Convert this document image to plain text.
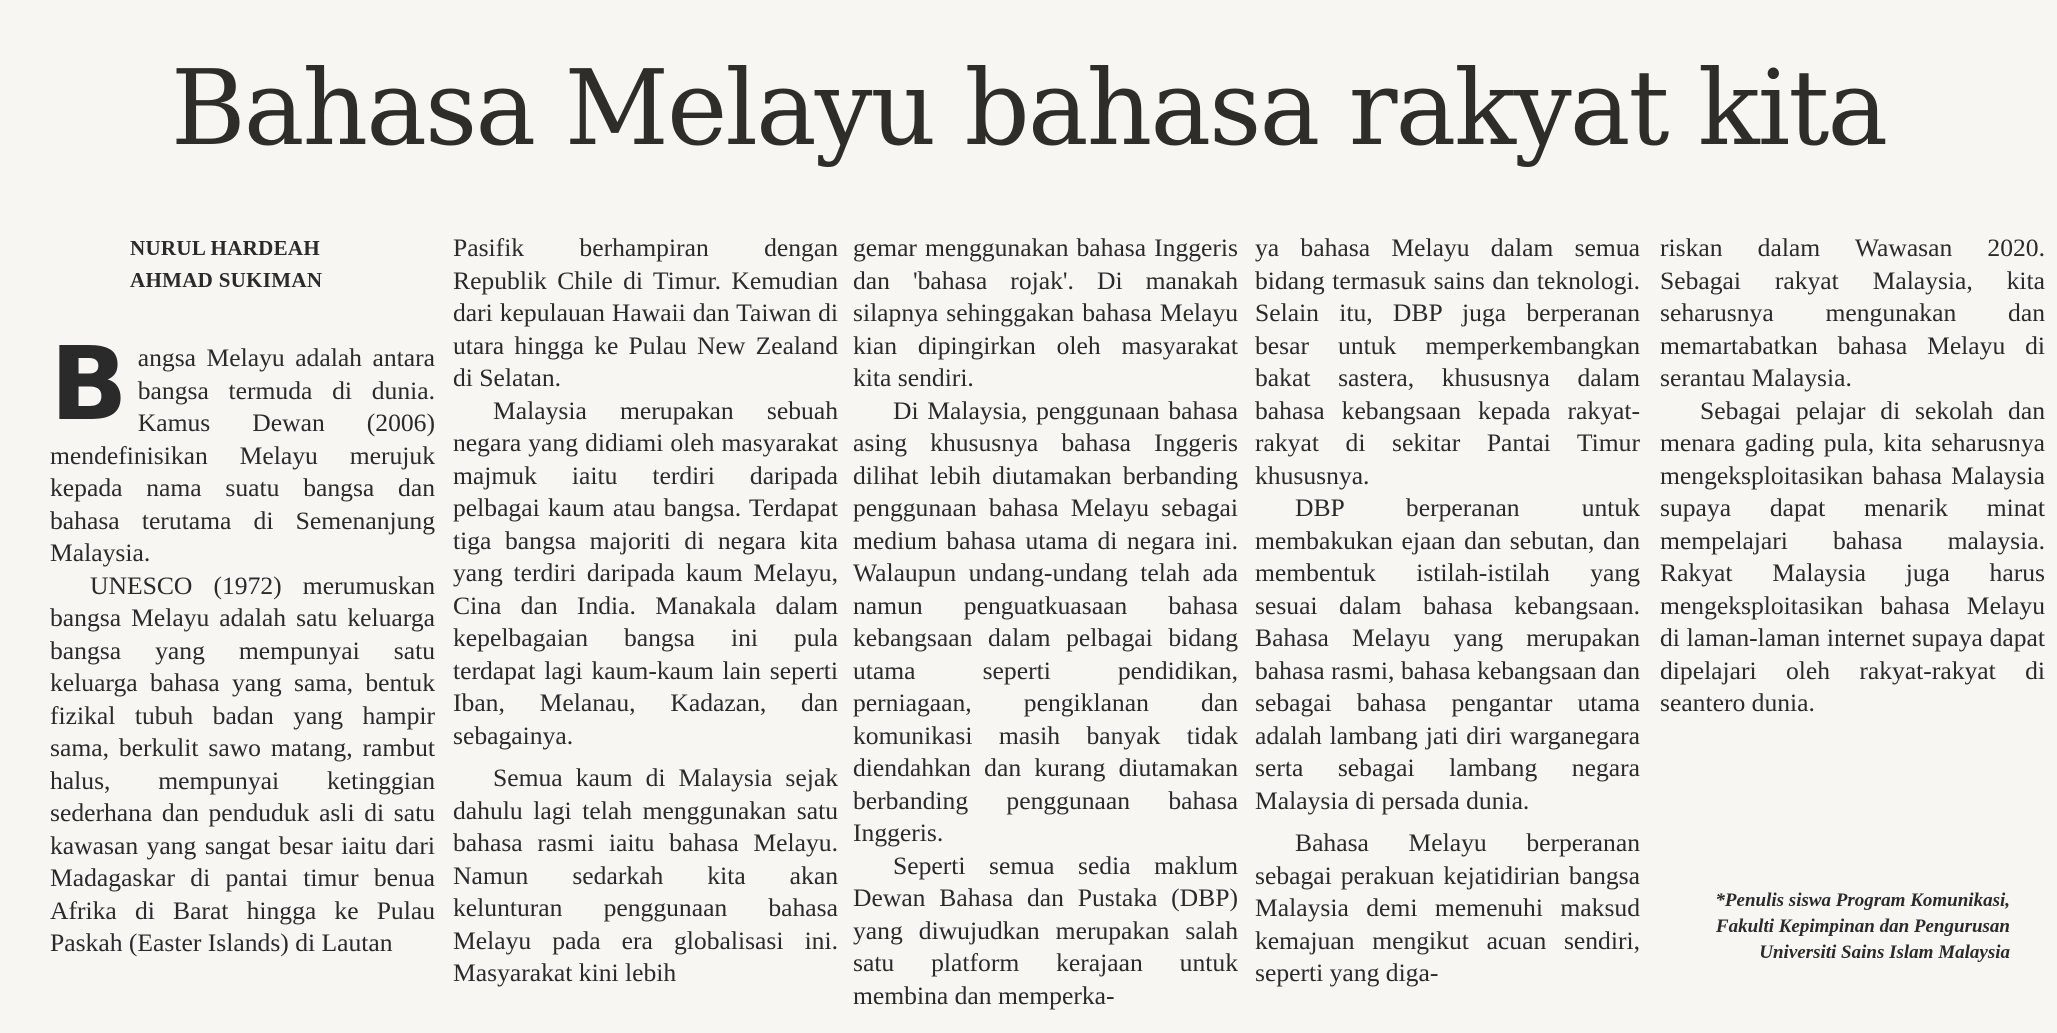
Bahasa Melayu bahasa rakyat kita
NURUL HARDEAH
AHMAD SUKIMAN

Bangsa Melayu adalah antara bangsa termuda di dunia. Kamus Dewan (2006) mendefinisikan Melayu merujuk kepada nama suatu bangsa dan bahasa terutama di Semenanjung Malaysia.

UNESCO (1972) merumuskan bangsa Melayu adalah satu keluarga bangsa yang mempunyai satu keluarga bahasa yang sama, bentuk fizikal tubuh badan yang hampir sama, berkulit sawo matang, rambut halus, mempunyai ketinggian sederhana dan penduduk asli di satu kawasan yang sangat besar iaitu dari Madagaskar di pantai timur benua Afrika di Barat hingga ke Pulau Paskah (Easter Islands) di Lautan

Pasifik berhampiran dengan Republik Chile di Timur. Kemudian dari kepulauan Hawaii dan Taiwan di utara hingga ke Pulau New Zealand di Selatan.

Malaysia merupakan sebuah negara yang didiami oleh masyarakat majmuk iaitu terdiri daripada pelbagai kaum atau bangsa. Terdapat tiga bangsa majoriti di negara kita yang terdiri daripada kaum Melayu, Cina dan India. Manakala dalam kepelbagaian bangsa ini pula terdapat lagi kaum-kaum lain seperti Iban, Melanau, Kadazan, dan sebagainya.

Semua kaum di Malaysia sejak dahulu lagi telah menggunakan satu bahasa rasmi iaitu bahasa Melayu. Namun sedarkah kita akan kelunturan penggunaan bahasa Melayu pada era globalisasi ini. Masyarakat kini lebih

gemar menggunakan bahasa Inggeris dan 'bahasa rojak'. Di manakah silapnya sehinggakan bahasa Melayu kian dipingirkan oleh masyarakat kita sendiri.

Di Malaysia, penggunaan bahasa asing khususnya bahasa Inggeris dilihat lebih diutamakan berbanding penggunaan bahasa Melayu sebagai medium bahasa utama di negara ini. Walaupun undang-undang telah ada namun penguatkuasaan bahasa kebangsaan dalam pelbagai bidang utama seperti pendidikan, perniagaan, pengiklanan dan komunikasi masih banyak tidak diendahkan dan kurang diutamakan berbanding penggunaan bahasa Inggeris.

Seperti semua sedia maklum Dewan Bahasa dan Pustaka (DBP) yang diwujudkan merupakan salah satu platform kerajaan untuk membina dan memperka-

ya bahasa Melayu dalam semua bidang termasuk sains dan teknologi. Selain itu, DBP juga berperanan besar untuk memperkembangkan bakat sastera, khususnya dalam bahasa kebangsaan kepada rakyat-rakyat di sekitar Pantai Timur khususnya.

DBP berperanan untuk membakukan ejaan dan sebutan, dan membentuk istilah-istilah yang sesuai dalam bahasa kebangsaan. Bahasa Melayu yang merupakan bahasa rasmi, bahasa kebangsaan dan sebagai bahasa pengantar utama adalah lambang jati diri warganegara serta sebagai lambang negara Malaysia di persada dunia.

Bahasa Melayu berperanan sebagai perakuan kejatidirian bangsa Malaysia demi memenuhi maksud kemajuan mengikut acuan sendiri, seperti yang diga-

riskan dalam Wawasan 2020. Sebagai rakyat Malaysia, kita seharusnya mengunakan dan memartabatkan bahasa Melayu di serantau Malaysia.

Sebagai pelajar di sekolah dan menara gading pula, kita seharusnya mengeksploitasikan bahasa Malaysia supaya dapat menarik minat mempelajari bahasa malaysia. Rakyat Malaysia juga harus mengeksploitasikan bahasa Melayu di laman-laman internet supaya dapat dipelajari oleh rakyat-rakyat di seantero dunia.

*Penulis siswa Program Komunikasi,
Fakulti Kepimpinan dan Pengurusan
Universiti Sains Islam Malaysia
